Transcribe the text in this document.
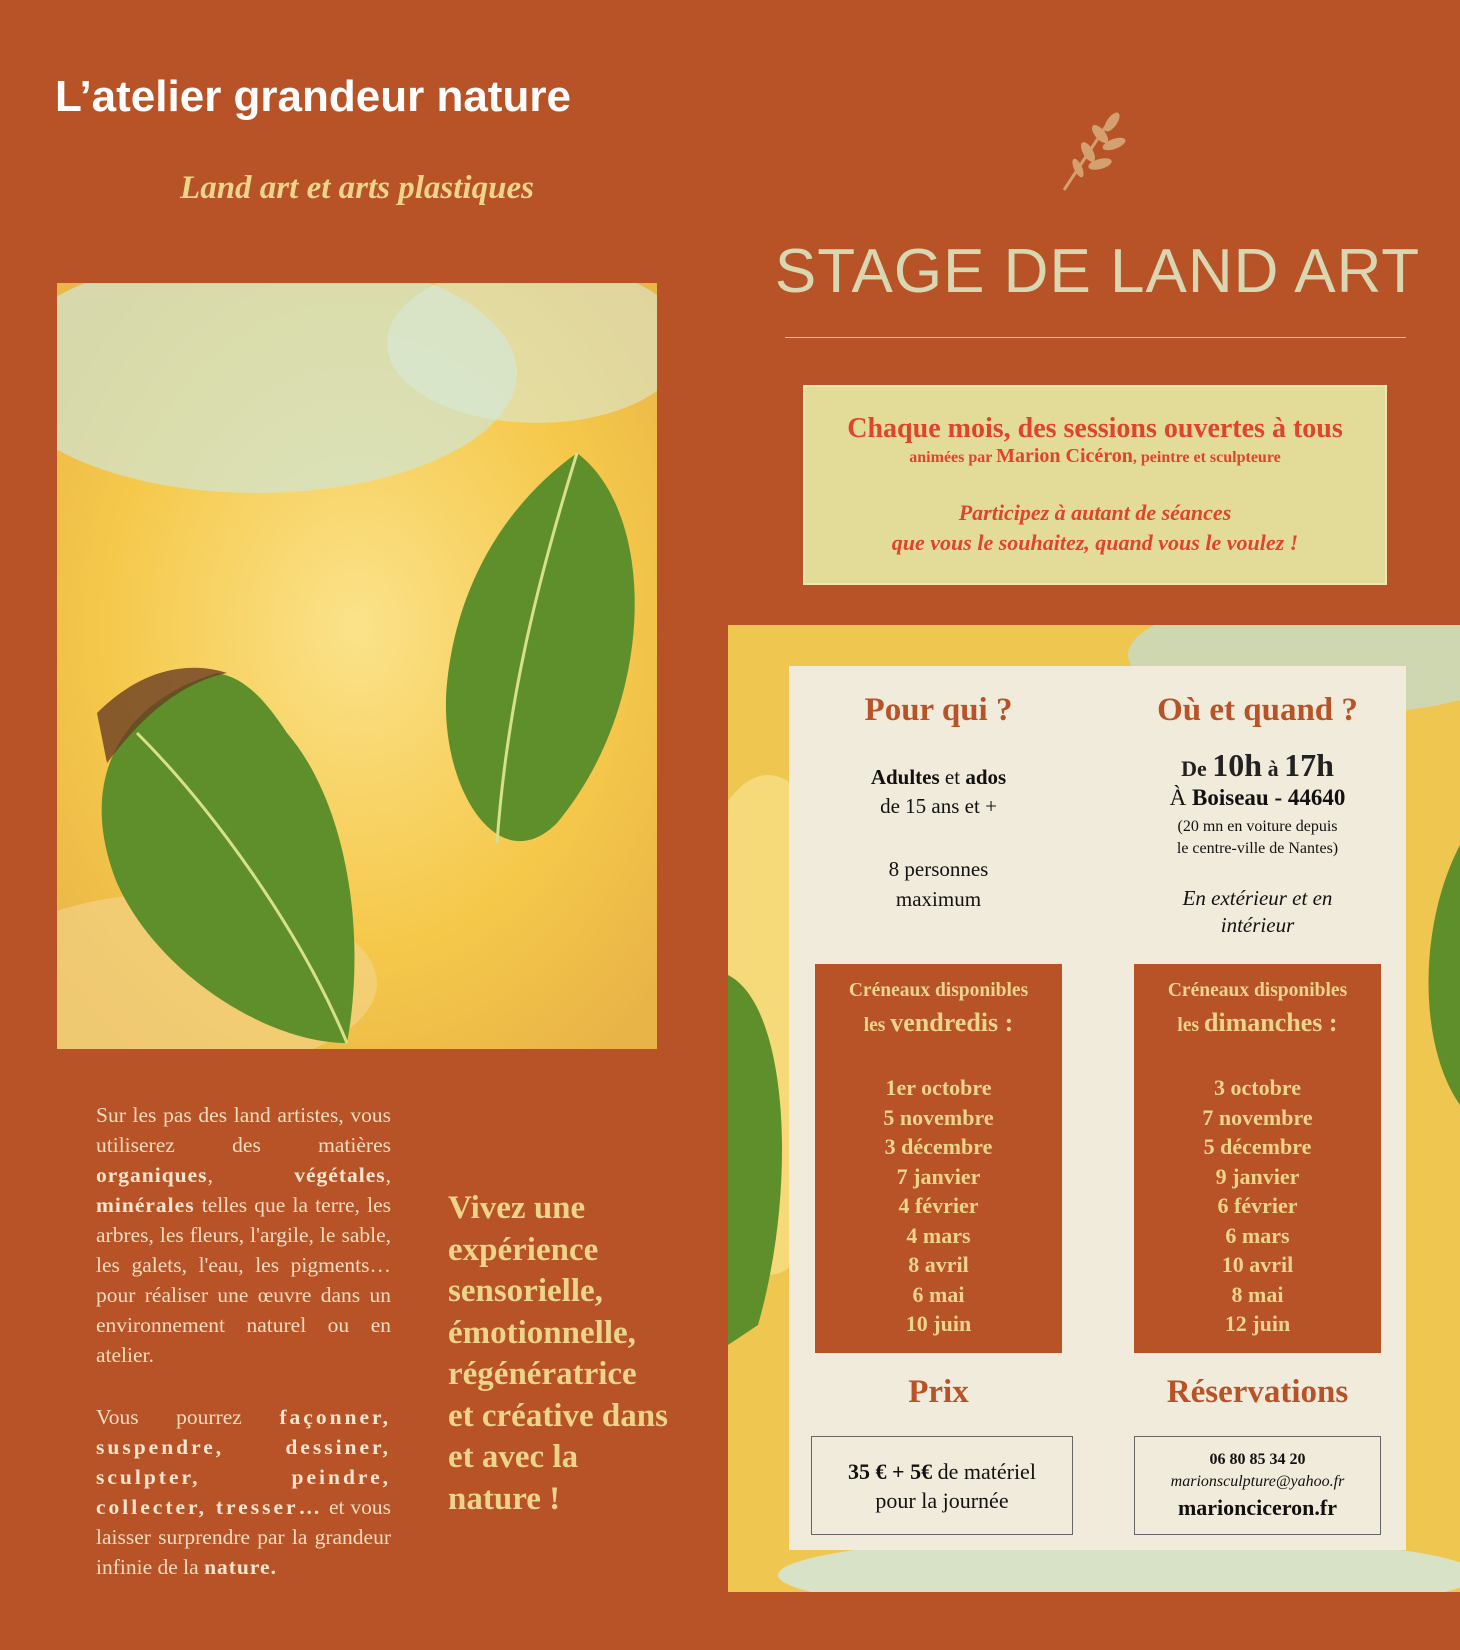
L’atelier grandeur nature
Land art et arts plastiques

Sur les pas des land artistes, vous utiliserez des matières organiques, végétales, minérales telles que la terre, les arbres, les fleurs, l'argile, le sable, les galets, l'eau, les pigments… pour réaliser une œuvre dans un environnement naturel ou en atelier.

Vous pourrez façonner, suspendre, dessiner, sculpter, peindre, collecter, tresser… et vous laisser surprendre par la grandeur infinie de la nature.

Vivez une expérience sensorielle, émotionnelle, régénératrice et créative dans et avec la nature !
STAGE DE LAND ART
Chaque mois, des sessions ouvertes à tous
animées par Marion Cicéron, peintre et sculpteure
Participez à autant de séances
que vous le souhaitez, quand vous le voulez !
Pour qui ?
Adultes et ados
de 15 ans et +
8 personnes
maximum
Où et quand ?
De 10h à 17h
À Boiseau - 44640
(20 mn en voiture depuis
le centre-ville de Nantes)
En extérieur et en intérieur
Créneaux disponibles
les vendredis :
1er octobre
5 novembre
3 décembre
7 janvier
4 février
4 mars
8 avril
6 mai
10 juin
Créneaux disponibles
les dimanches :
3 octobre
7 novembre
5 décembre
9 janvier
6 février
6 mars
10 avril
8 mai
12 juin
Prix	Réservations
35 € + 5€ de matériel
pour la journée
06 80 85 34 20
marionsculpture@yahoo.fr
marionciceron.fr
